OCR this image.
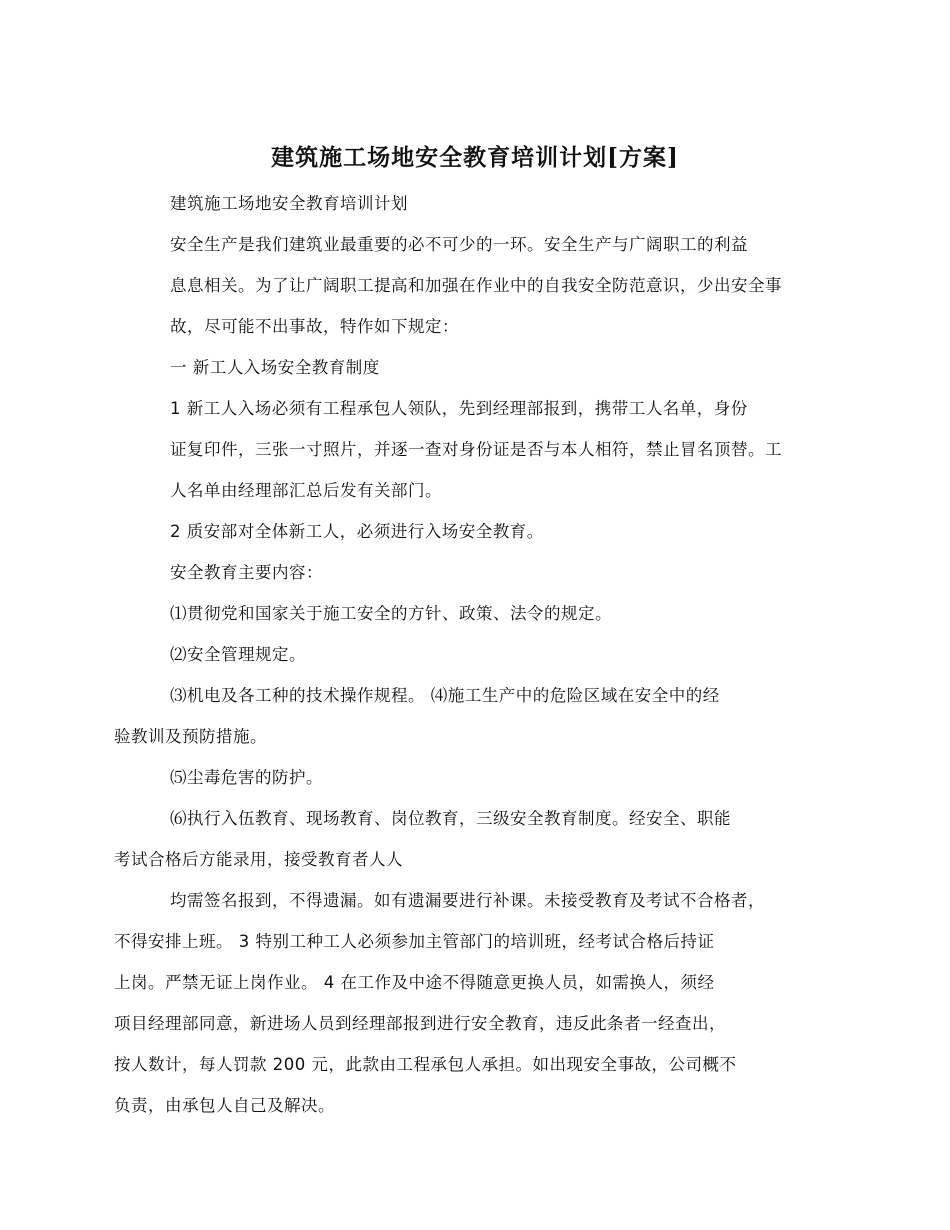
建筑施工场地安全教育培训计划[方案]

建筑施工场地安全教育培训计划

安全生产是我们建筑业最重要的必不可少的一环。安全生产与广阔职工的利益
息息相关。为了让广阔职工提高和加强在作业中的自我安全防范意识，少出安全事
故，尽可能不出事故，特作如下规定：

一 新工人入场安全教育制度

1 新工人入场必须有工程承包人领队，先到经理部报到，携带工人名单，身份
证复印件，三张一寸照片，并逐一查对身份证是否与本人相符，禁止冒名顶替。工
人名单由经理部汇总后发有关部门。

2 质安部对全体新工人，必须进行入场安全教育。

安全教育主要内容：

⑴贯彻党和国家关于施工安全的方针、政策、法令的规定。

⑵安全管理规定。

⑶机电及各工种的技术操作规程。 ⑷施工生产中的危险区域在安全中的经
验教训及预防措施。

⑸尘毒危害的防护。

⑹执行入伍教育、现场教育、岗位教育，三级安全教育制度。经安全、职能
考试合格后方能录用，接受教育者人人

均需签名报到，不得遗漏。如有遗漏要进行补课。未接受教育及考试不合格者，
不得安排上班。 3 特别工种工人必须参加主管部门的培训班，经考试合格后持证
上岗。严禁无证上岗作业。 4 在工作及中途不得随意更换人员，如需换人，须经
项目经理部同意，新进场人员到经理部报到进行安全教育，违反此条者一经查出，
按人数计，每人罚款 200 元，此款由工程承包人承担。如出现安全事故，公司概不
负责，由承包人自己及解决。
